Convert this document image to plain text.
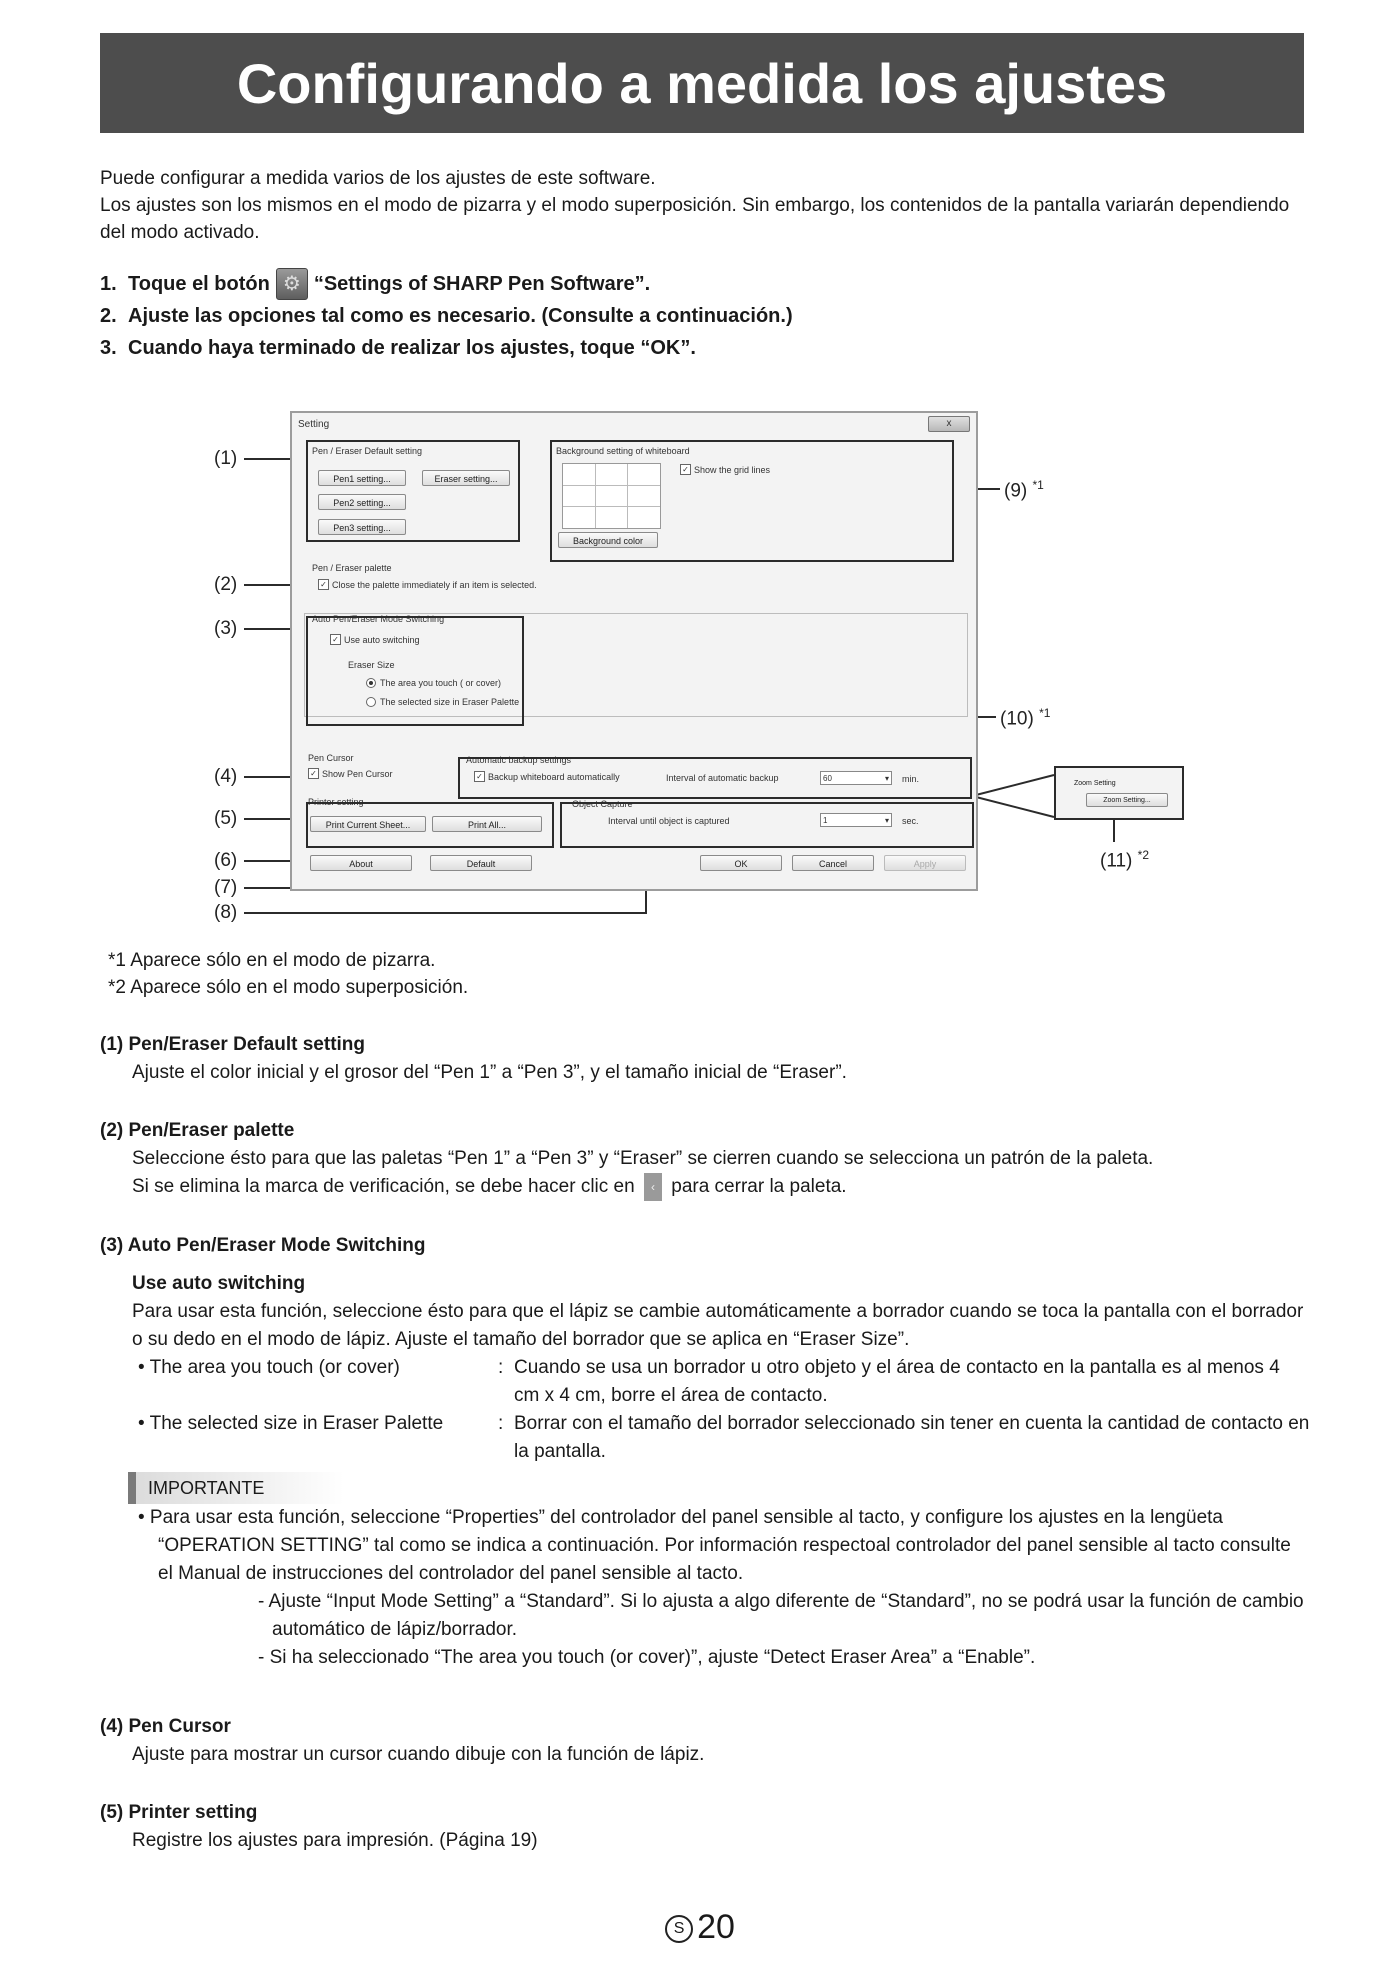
Configurando a medida los ajustes

Puede configurar a medida varios de los ajustes de este software.

Los ajustes son los mismos en el modo de pizarra y el modo superposición. Sin embargo, los contenidos de la pantalla variarán dependiendo del modo activado.

1. Toque el botón ⚙ “Settings of SHARP Pen Software”.
2. Ajuste las opciones tal como es necesario. (Consulte a continuación.)
3. Cuando haya terminado de realizar los ajustes, toque “OK”.
Setting	x
Pen / Eraser Default setting
Pen1 setting...	Eraser setting...
Pen2 setting...
Pen3 setting...
Background setting of whiteboard
✓ Show the grid lines
Background color
Pen / Eraser palette
✓ Close the palette immediately if an item is selected.
Auto Pen/Eraser Mode Switching
✓ Use auto switching
Eraser Size
The area you touch ( or cover)
The selected size in Eraser Palette
Pen Cursor
✓ Show Pen Cursor
Automatic backup settings
✓ Backup whiteboard automatically	Interval of automatic backup	60	▾ min.
Printer setting
Print Current Sheet...	Print All...
Object Capture
Interval until object is captured	1	▾ sec.
About	Default	OK	Cancel	Apply
Zoom Setting
Zoom Setting...
(1)
(2)
(3)
(4)
(5)
(6)
(7)
(8)
(9) $^{*1}$
(10) $^{*1}$
(11) $^{*2}$

*1 Aparece sólo en el modo de pizarra.

*2 Aparece sólo en el modo superposición.

(1) Pen/Eraser Default setting

Ajuste el color inicial y el grosor del “Pen 1” a “Pen 3”, y el tamaño inicial de “Eraser”.

(2) Pen/Eraser palette

Seleccione ésto para que las paletas “Pen 1” a “Pen 3” y “Eraser” se cierren cuando se selecciona un patrón de la paleta.

Si se elimina la marca de verificación, se debe hacer clic en ‹ para cerrar la paleta.

(3) Auto Pen/Eraser Mode Switching
Use auto switching
Para usar esta función, seleccione ésto para que el lápiz se cambie automáticamente a borrador cuando se toca la pantalla con el borrador o su dedo en el modo de lápiz. Ajuste el tamaño del borrador que se aplica en “Eraser Size”.
• The area you touch (or cover)	: Cuando se usa un borrador u otro objeto y el área de contacto en la pantalla es al menos 4 cm x 4 cm, borre el área de contacto.
• The selected size in Eraser Palette	: Borrar con el tamaño del borrador seleccionado sin tener en cuenta la cantidad de contacto en la pantalla.
IMPORTANTE
• Para usar esta función, seleccione “Properties” del controlador del panel sensible al tacto, y configure los ajustes en la lengüeta “OPERATION SETTING” tal como se indica a continuación. Por información respectoal controlador del panel sensible al tacto consulte el Manual de instrucciones del controlador del panel sensible al tacto.
- Ajuste “Input Mode Setting” a “Standard”. Si lo ajusta a algo diferente de “Standard”, no se podrá usar la función de cambio automático de lápiz/borrador.
- Si ha seleccionado “The area you touch (or cover)”, ajuste “Detect Eraser Area” a “Enable”.
(4) Pen Cursor

Ajuste para mostrar un cursor cuando dibuje con la función de lápiz.

(5) Printer setting

Registre los ajustes para impresión. (Página 19)

S 20
